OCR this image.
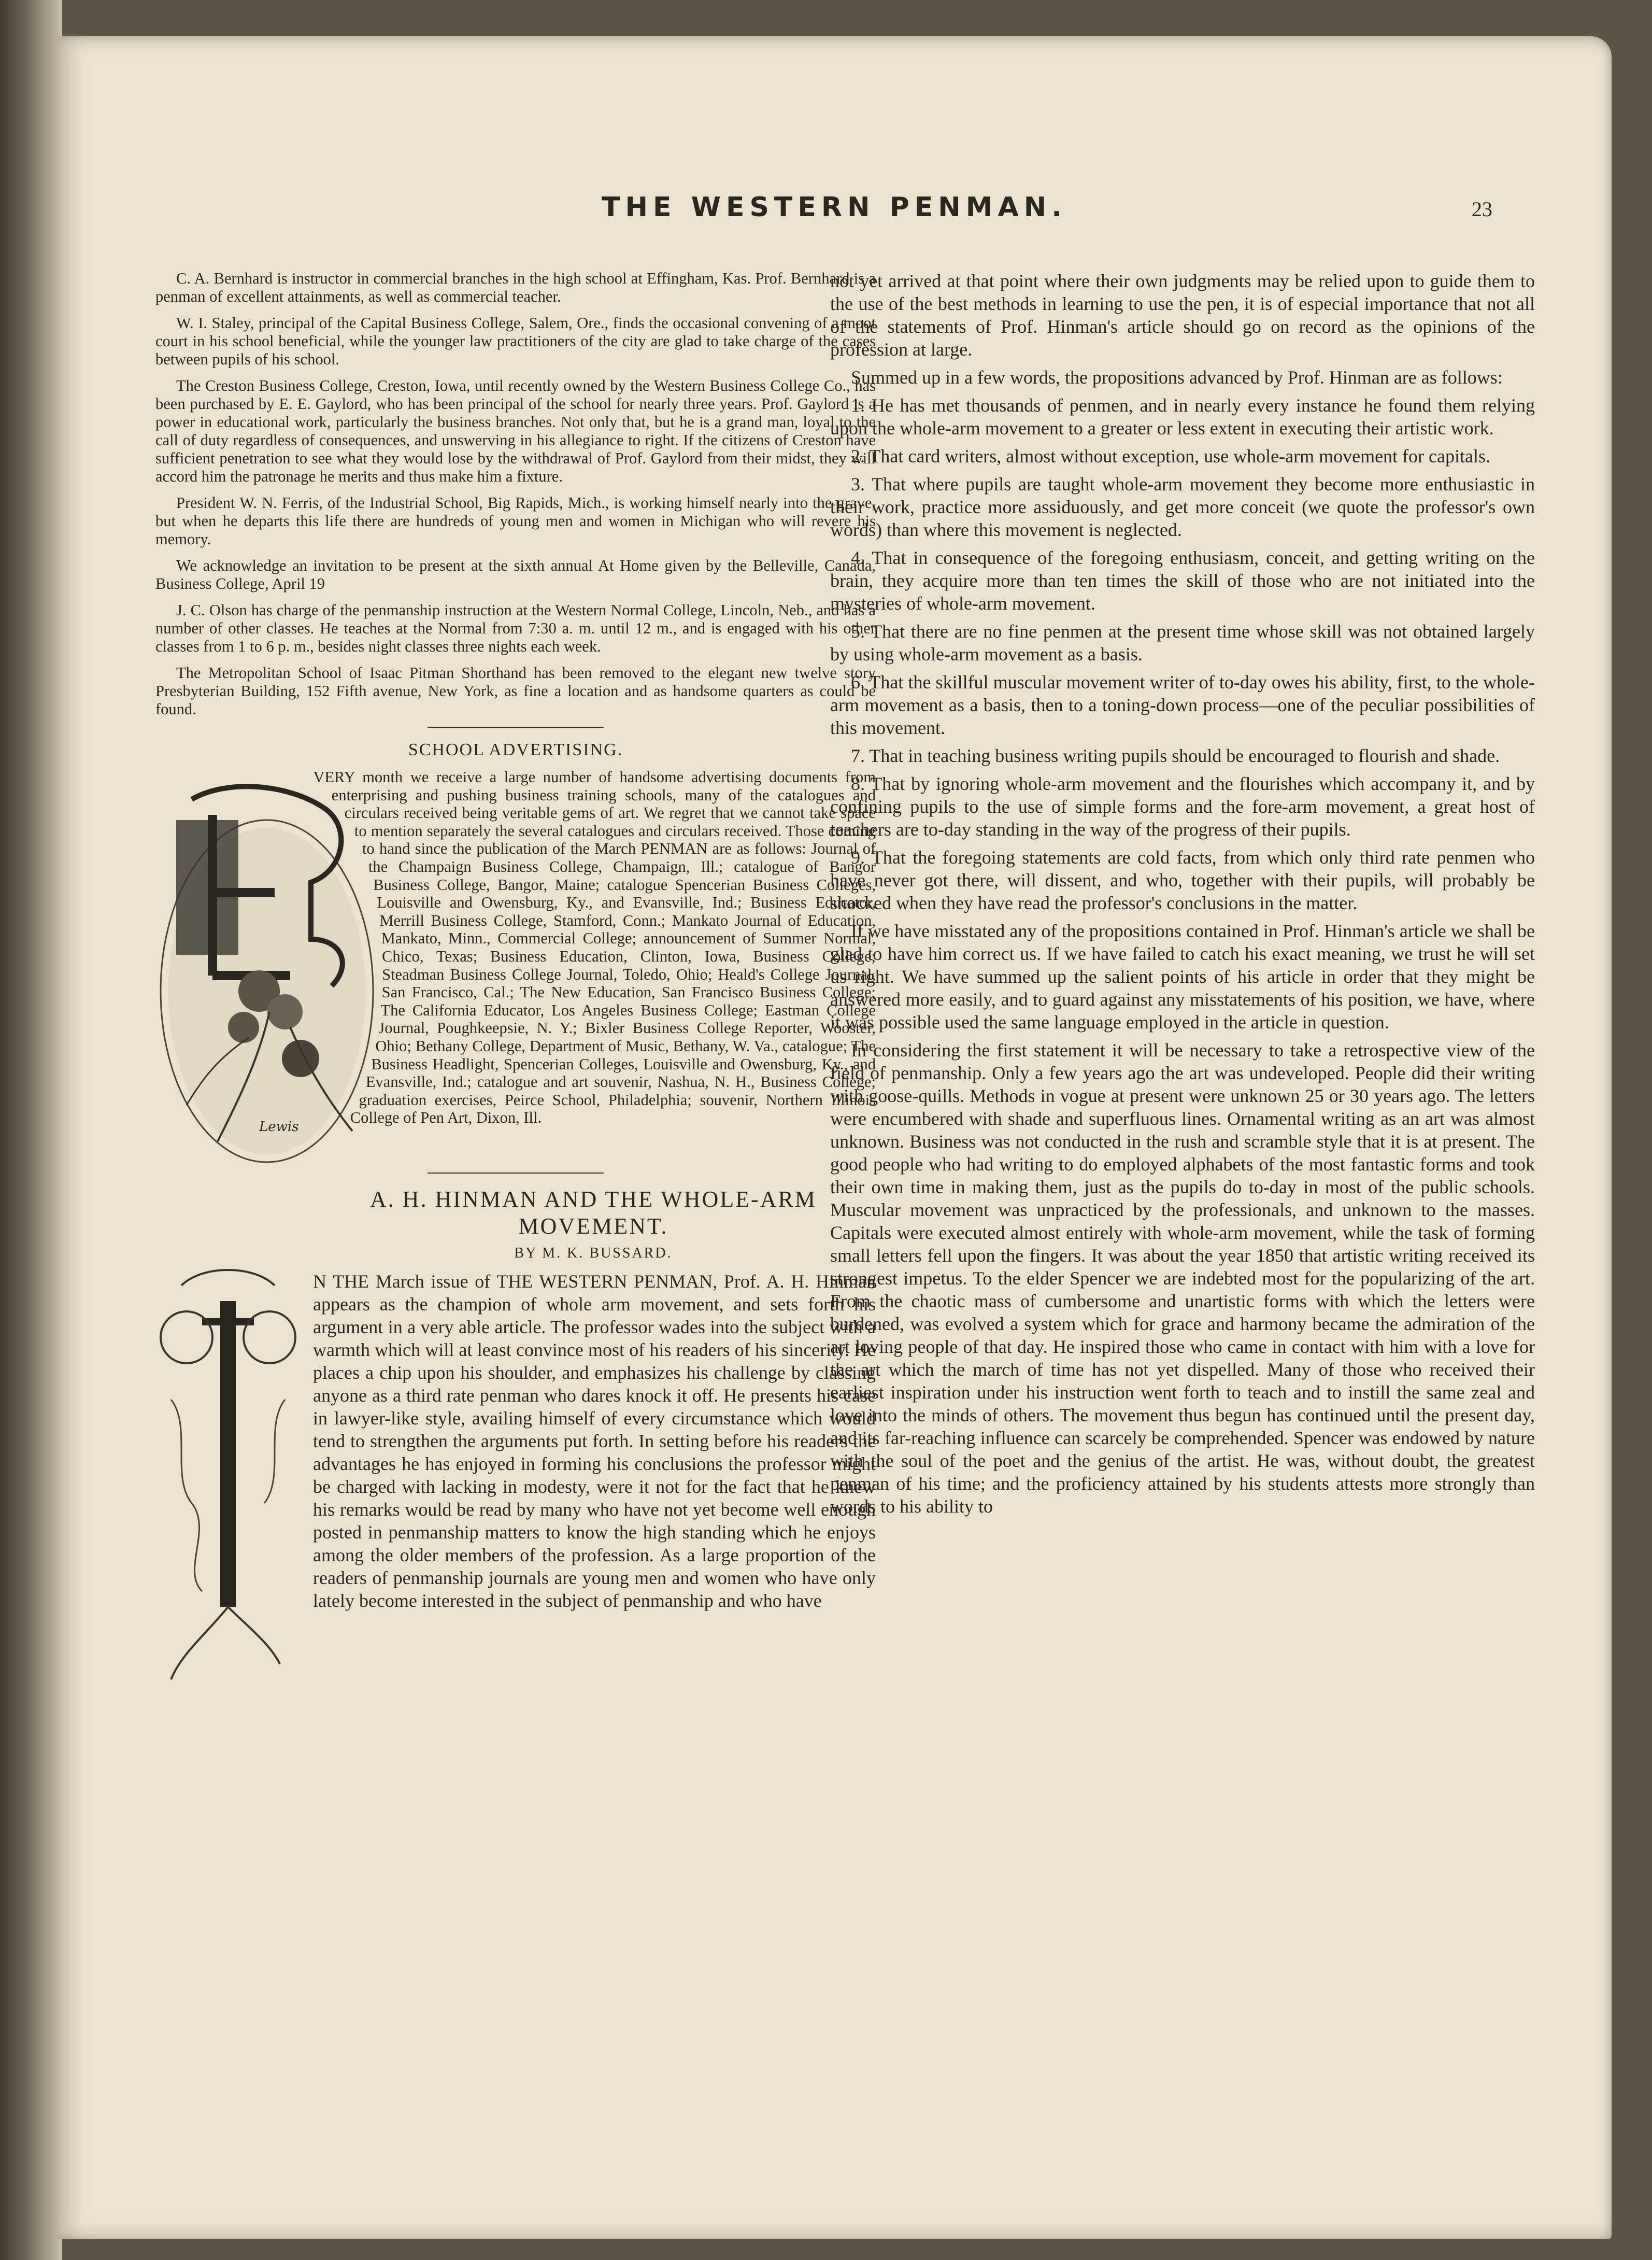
THE WESTERN PENMAN.	23

C. A. Bernhard is instructor in commercial branches in the high school at Effingham, Kas. Prof. Bernhard is a penman of excellent attainments, as well as commercial teacher.

W. I. Staley, principal of the Capital Business College, Salem, Ore., finds the occasional convening of a moot court in his school beneficial, while the younger law practitioners of the city are glad to take charge of the cases between pupils of his school.

The Creston Business College, Creston, Iowa, until recently owned by the Western Business College Co., has been purchased by E. E. Gaylord, who has been principal of the school for nearly three years. Prof. Gaylord is a power in educational work, particularly the business branches. Not only that, but he is a grand man, loyal to the call of duty regardless of consequences, and unswerving in his allegiance to right. If the citizens of Creston have sufficient penetration to see what they would lose by the withdrawal of Prof. Gaylord from their midst, they will accord him the patronage he merits and thus make him a fixture.

President W. N. Ferris, of the Industrial School, Big Rapids, Mich., is working himself nearly into the grave, but when he departs this life there are hundreds of young men and women in Michigan who will revere his memory.

We acknowledge an invitation to be present at the sixth annual At Home given by the Belleville, Canada, Business College, April 19

J. C. Olson has charge of the penmanship instruction at the Western Normal College, Lincoln, Neb., and has a number of other classes. He teaches at the Normal from 7:30 a. m. until 12 m., and is engaged with his other classes from 1 to 6 p. m., besides night classes three nights each week.

The Metropolitan School of Isaac Pitman Shorthand has been removed to the elegant new twelve story Presbyterian Building, 152 Fifth avenue, New York, as fine a location and as handsome quarters as could be found.

SCHOOL ADVERTISING.
Lewis

VERY month we receive a large number of handsome advertising documents from enterprising and pushing business training schools, many of the catalogues and circulars received being veritable gems of art. We regret that we cannot take space to mention separately the several catalogues and circulars received. Those coming to hand since the publication of the March PENMAN are as follows: Journal of the Champaign Business College, Champaign, Ill.; catalogue of Bangor Business College, Bangor, Maine; catalogue Spencerian Business Colleges, Louisville and Owensburg, Ky., and Evansville, Ind.; Business Educator, Merrill Business College, Stamford, Conn.; Mankato Journal of Education, Mankato, Minn., Commercial College; announcement of Summer Normal, Chico, Texas; Business Education, Clinton, Iowa, Business College; Steadman Business College Journal, Toledo, Ohio; Heald's College Journal, San Francisco, Cal.; The New Education, San Francisco Business College; The California Educator, Los Angeles Business College; Eastman College Journal, Poughkeepsie, N. Y.; Bixler Business College Reporter, Wooster, Ohio; Bethany College, Department of Music, Bethany, W. Va., catalogue; The Business Headlight, Spencerian Colleges, Louisville and Owensburg, Ky., and Evansville, Ind.; catalogue and art souvenir, Nashua, N. H., Business College; graduation exercises, Peirce School, Philadelphia; souvenir, Northern Illinois College of Pen Art, Dixon, Ill.

A. H. HINMAN AND THE WHOLE-ARM
MOVEMENT.
BY M. K. BUSSARD.

N THE March issue of THE WESTERN PENMAN, Prof. A. H. Hinman appears as the champion of whole arm movement, and sets forth his argument in a very able article. The professor wades into the subject with a warmth which will at least convince most of his readers of his sincerity. He places a chip upon his shoulder, and emphasizes his challenge by classing anyone as a third rate penman who dares knock it off. He presents his case in lawyer-like style, availing himself of every circumstance which would tend to strengthen the arguments put forth. In setting before his readers the advantages he has enjoyed in forming his conclusions the professor might be charged with lacking in modesty, were it not for the fact that he knew his remarks would be read by many who have not yet become well enough posted in penmanship matters to know the high standing which he enjoys among the older members of the profession. As a large proportion of the readers of penmanship journals are young men and women who have only lately become interested in the subject of penmanship and who have

not yet arrived at that point where their own judgments may be relied upon to guide them to the use of the best methods in learning to use the pen, it is of especial importance that not all of the statements of Prof. Hinman's article should go on record as the opinions of the profession at large.

Summed up in a few words, the propositions advanced by Prof. Hinman are as follows:

1. He has met thousands of penmen, and in nearly every instance he found them relying upon the whole-arm movement to a greater or less extent in executing their artistic work.

2. That card writers, almost without exception, use whole-arm movement for capitals.

3. That where pupils are taught whole-arm movement they become more enthusiastic in their work, practice more assiduously, and get more conceit (we quote the professor's own words) than where this movement is neglected.

4. That in consequence of the foregoing enthusiasm, conceit, and getting writing on the brain, they acquire more than ten times the skill of those who are not initiated into the mysteries of whole-arm movement.

5. That there are no fine penmen at the present time whose skill was not obtained largely by using whole-arm movement as a basis.

6. That the skillful muscular movement writer of to-day owes his ability, first, to the whole-arm movement as a basis, then to a toning-down process—one of the peculiar possibilities of this movement.

7. That in teaching business writing pupils should be encouraged to flourish and shade.

8. That by ignoring whole-arm movement and the flourishes which accompany it, and by confining pupils to the use of simple forms and the fore-arm movement, a great host of teachers are to-day standing in the way of the progress of their pupils.

9. That the foregoing statements are cold facts, from which only third rate penmen who have never got there, will dissent, and who, together with their pupils, will probably be shocked when they have read the professor's conclusions in the matter.

If we have misstated any of the propositions contained in Prof. Hinman's article we shall be glad to have him correct us. If we have failed to catch his exact meaning, we trust he will set us right. We have summed up the salient points of his article in order that they might be answered more easily, and to guard against any misstatements of his position, we have, where it was possible used the same language employed in the article in question.

In considering the first statement it will be necessary to take a retrospective view of the field of penmanship. Only a few years ago the art was undeveloped. People did their writing with goose-quills. Methods in vogue at present were unknown 25 or 30 years ago. The letters were encumbered with shade and superfluous lines. Ornamental writing as an art was almost unknown. Business was not conducted in the rush and scramble style that it is at present. The good people who had writing to do employed alphabets of the most fantastic forms and took their own time in making them, just as the pupils do to-day in most of the public schools. Muscular movement was unpracticed by the professionals, and unknown to the masses. Capitals were executed almost entirely with whole-arm movement, while the task of forming small letters fell upon the fingers. It was about the year 1850 that artistic writing received its strongest impetus. To the elder Spencer we are indebted most for the popularizing of the art. From the chaotic mass of cumbersome and unartistic forms with which the letters were burdened, was evolved a system which for grace and harmony became the admiration of the art loving people of that day. He inspired those who came in contact with him with a love for the art which the march of time has not yet dispelled. Many of those who received their earliest inspiration under his instruction went forth to teach and to instill the same zeal and love into the minds of others. The movement thus begun has continued until the present day, and its far-reaching influence can scarcely be comprehended. Spencer was endowed by nature with the soul of the poet and the genius of the artist. He was, without doubt, the greatest penman of his time; and the proficiency attained by his students attests more strongly than words to his ability to
